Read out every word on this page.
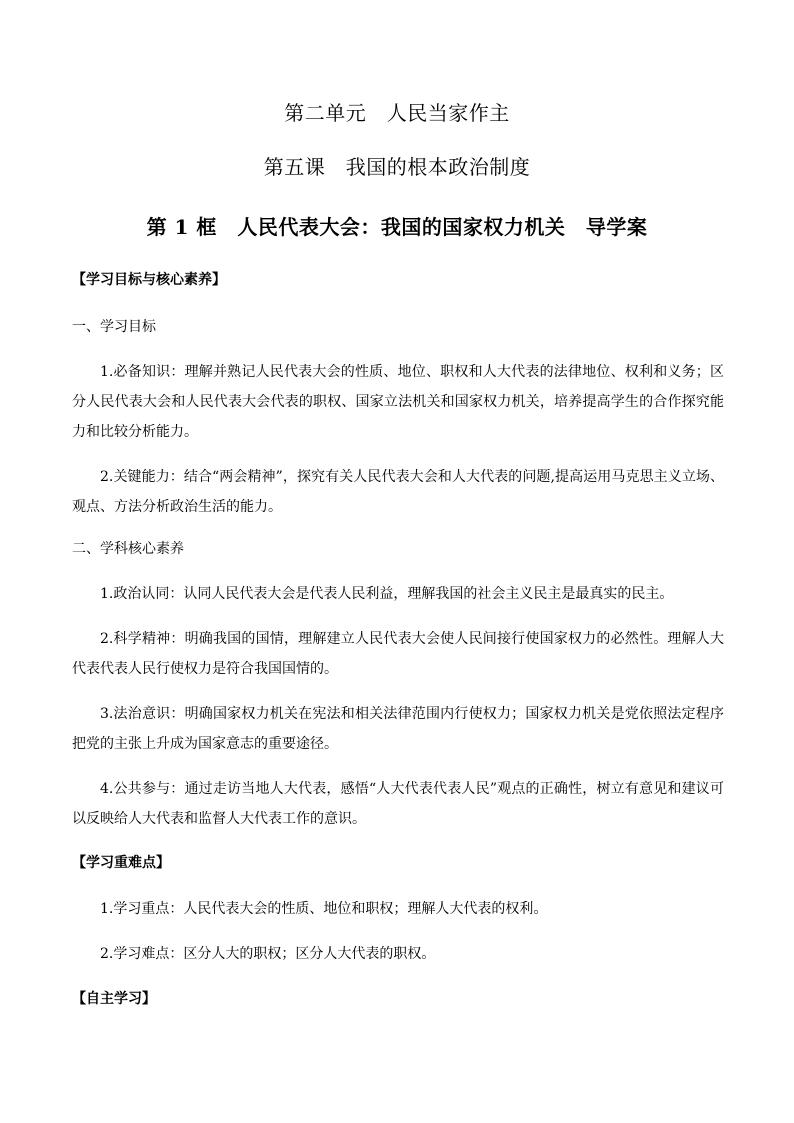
第二单元　人民当家作主
第五课　我国的根本政治制度
第 1 框　人民代表大会：我国的国家权力机关　导学案

【学习目标与核心素养】

一、学习目标

1.必备知识：理解并熟记人民代表大会的性质、地位、职权和人大代表的法律地位、权利和义务；区分人民代表大会和人民代表大会代表的职权、国家立法机关和国家权力机关，培养提高学生的合作探究能力和比较分析能力。

2.关键能力：结合“两会精神”，探究有关人民代表大会和人大代表的问题,提高运用马克思主义立场、观点、方法分析政治生活的能力。

二、学科核心素养

1.政治认同：认同人民代表大会是代表人民利益，理解我国的社会主义民主是最真实的民主。

2.科学精神：明确我国的国情，理解建立人民代表大会使人民间接行使国家权力的必然性。理解人大代表代表人民行使权力是符合我国国情的。

3.法治意识：明确国家权力机关在宪法和相关法律范围内行使权力；国家权力机关是党依照法定程序把党的主张上升成为国家意志的重要途径。

4.公共参与：通过走访当地人大代表，感悟“人大代表代表人民”观点的正确性，树立有意见和建议可以反映给人大代表和监督人大代表工作的意识。

【学习重难点】

1.学习重点：人民代表大会的性质、地位和职权；理解人大代表的权利。

2.学习难点：区分人大的职权；区分人大代表的职权。

【自主学习】
